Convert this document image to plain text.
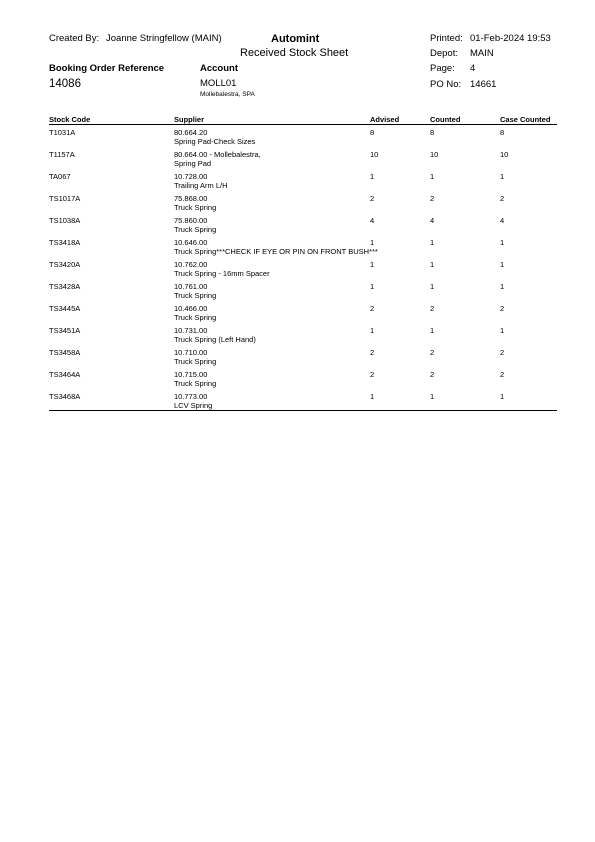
Created By: Joanne Stringfellow (MAIN)	Automint
Received Stock Sheet
Printed: 01-Feb-2024 19:53
Depot: MAIN
Page: 4
PO No: 14661
Booking Order Reference
14086
Account
MOLL01
Mollebalestra, SPA
Stock Code	Supplier	Advised	Counted	Case Counted
T1031A	80.664.20
Spring Pad-Check Sizes
8	8	8
T1157A	80.664.00 - Mollebalestra,
Spring Pad
10	10	10
TA067	10.728.00
Trailing Arm L/H
1	1	1
TS1017A	75.868.00
Truck Spring
2	2	2
TS1038A	75.860.00
Truck Spring
4	4	4
TS3418A	10.646.00
Truck Spring***CHECK IF EYE OR PIN ON FRONT BUSH***
1	1	1
TS3420A	10.762.00
Truck Spring - 16mm Spacer
1	1	1
TS3428A	10.761.00
Truck Spring
1	1	1
TS3445A	10.466.00
Truck Spring
2	2	2
TS3451A	10.731.00
Truck Spring (Left Hand)
1	1	1
TS3458A	10.710.00
Truck Spring
2	2	2
TS3464A	10.715.00
Truck Spring
2	2	2
TS3468A	10.773.00
LCV Spring
1	1	1
